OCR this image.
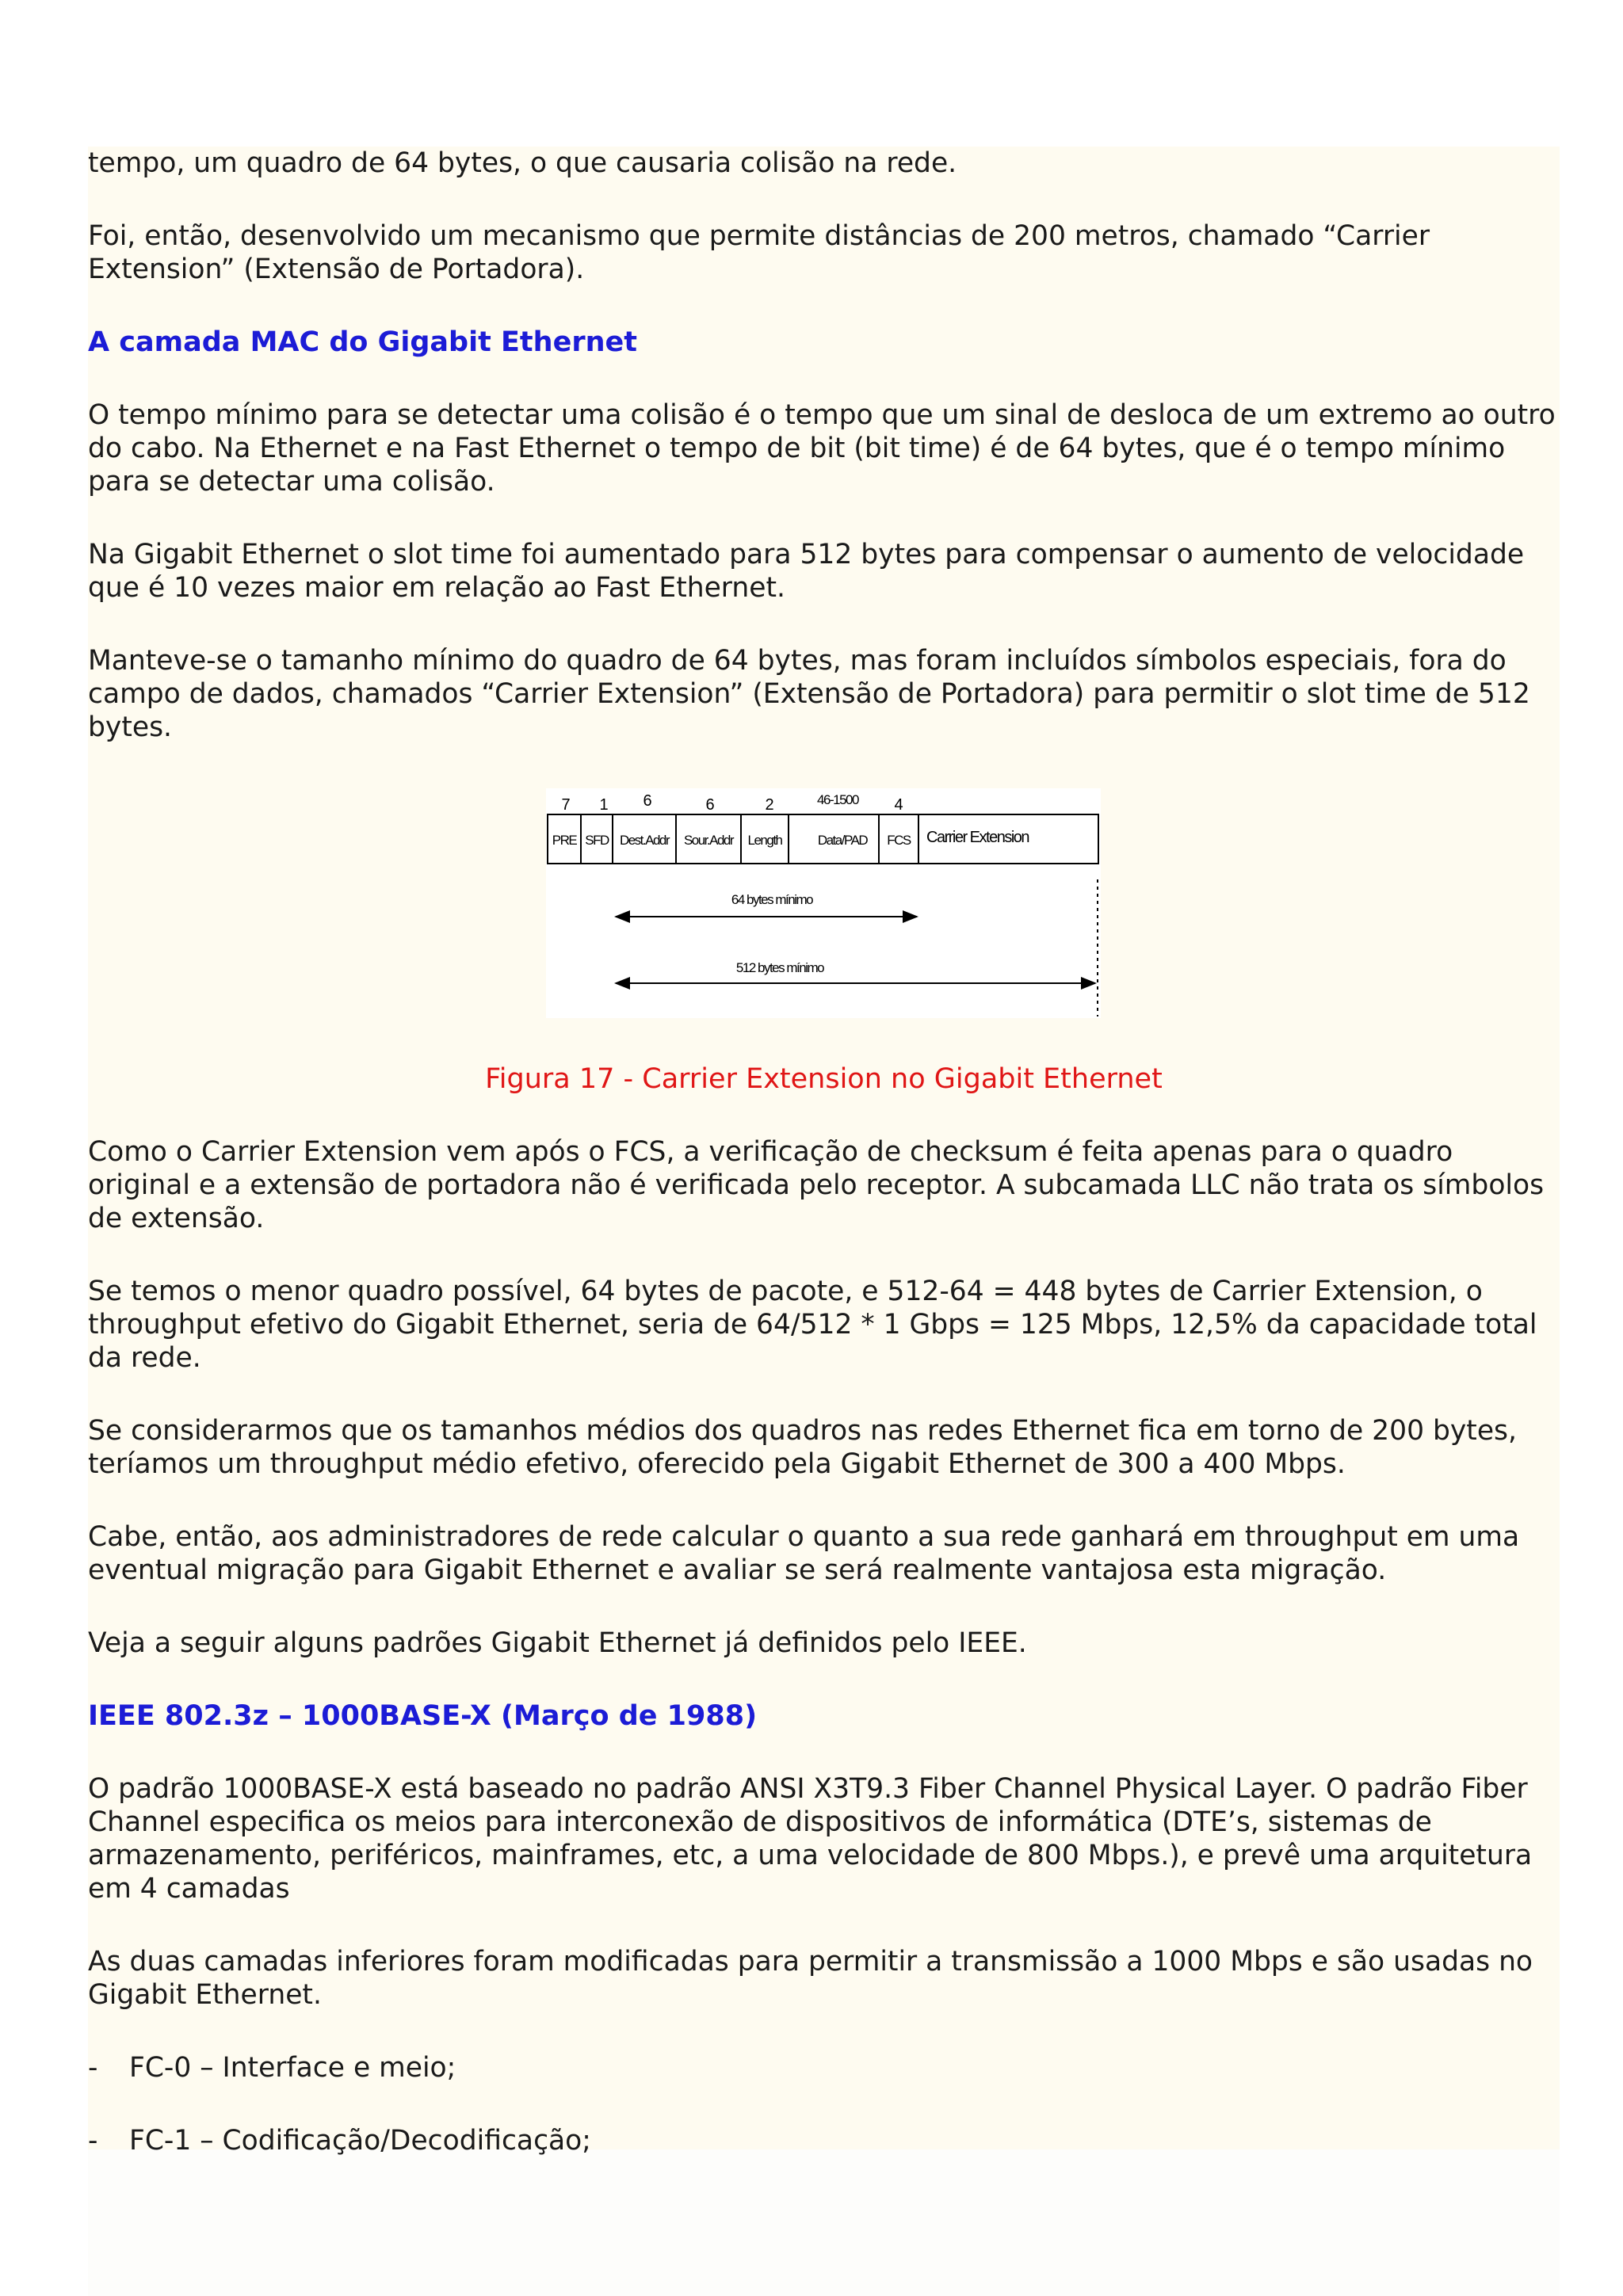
tempo, um quadro de 64 bytes, o que causaria colisão na rede.

Foi, então, desenvolvido um mecanismo que permite distâncias de 200 metros, chamado “Carrier Extension” (Extensão de Portadora).

A camada MAC do Gigabit Ethernet

O tempo mínimo para se detectar uma colisão é o tempo que um sinal de desloca de um extremo ao outro do cabo. Na Ethernet e na Fast Ethernet o tempo de bit (bit time) é de 64 bytes, que é o tempo mínimo para se detectar uma colisão.

Na Gigabit Ethernet o slot time foi aumentado para 512 bytes para compensar o aumento de velocidade que é 10 vezes maior em relação ao Fast Ethernet.

Manteve-se o tamanho mínimo do quadro de 64 bytes, mas foram incluídos símbolos especiais, fora do campo de dados, chamados “Carrier Extension” (Extensão de Portadora) para permitir o slot time de 512 bytes.

7 1 6	6	2	46-1500 4
PRE SFD Dest.Addr Sour.Addr Length	Data/PAD FCS Carrier Extension
64 bytes mínimo
512 bytes mínimo

Figura 17 - Carrier Extension no Gigabit Ethernet

Como o Carrier Extension vem após o FCS, a verificação de checksum é feita apenas para o quadro original e a extensão de portadora não é verificada pelo receptor. A subcamada LLC não trata os símbolos de extensão.

Se temos o menor quadro possível, 64 bytes de pacote, e 512-64 = 448 bytes de Carrier Extension, o throughput efetivo do Gigabit Ethernet, seria de 64/512 * 1 Gbps = 125 Mbps, 12,5% da capacidade total da rede.

Se considerarmos que os tamanhos médios dos quadros nas redes Ethernet fica em torno de 200 bytes, teríamos um throughput médio efetivo, oferecido pela Gigabit Ethernet de 300 a 400 Mbps.

Cabe, então, aos administradores de rede calcular o quanto a sua rede ganhará em throughput em uma eventual migração para Gigabit Ethernet e avaliar se será realmente vantajosa esta migração.

Veja a seguir alguns padrões Gigabit Ethernet já definidos pelo IEEE.

IEEE 802.3z – 1000BASE-X (Março de 1988)

O padrão 1000BASE-X está baseado no padrão ANSI X3T9.3 Fiber Channel Physical Layer. O padrão Fiber Channel especifica os meios para interconexão de dispositivos de informática (DTE’s, sistemas de armazenamento, periféricos, mainframes, etc, a uma velocidade de 800 Mbps.), e prevê uma arquitetura em 4 camadas

As duas camadas inferiores foram modificadas para permitir a transmissão a 1000 Mbps e são usadas no Gigabit Ethernet.

-	FC-0 – Interface e meio;
-	FC-1 – Codificação/Decodificação;
